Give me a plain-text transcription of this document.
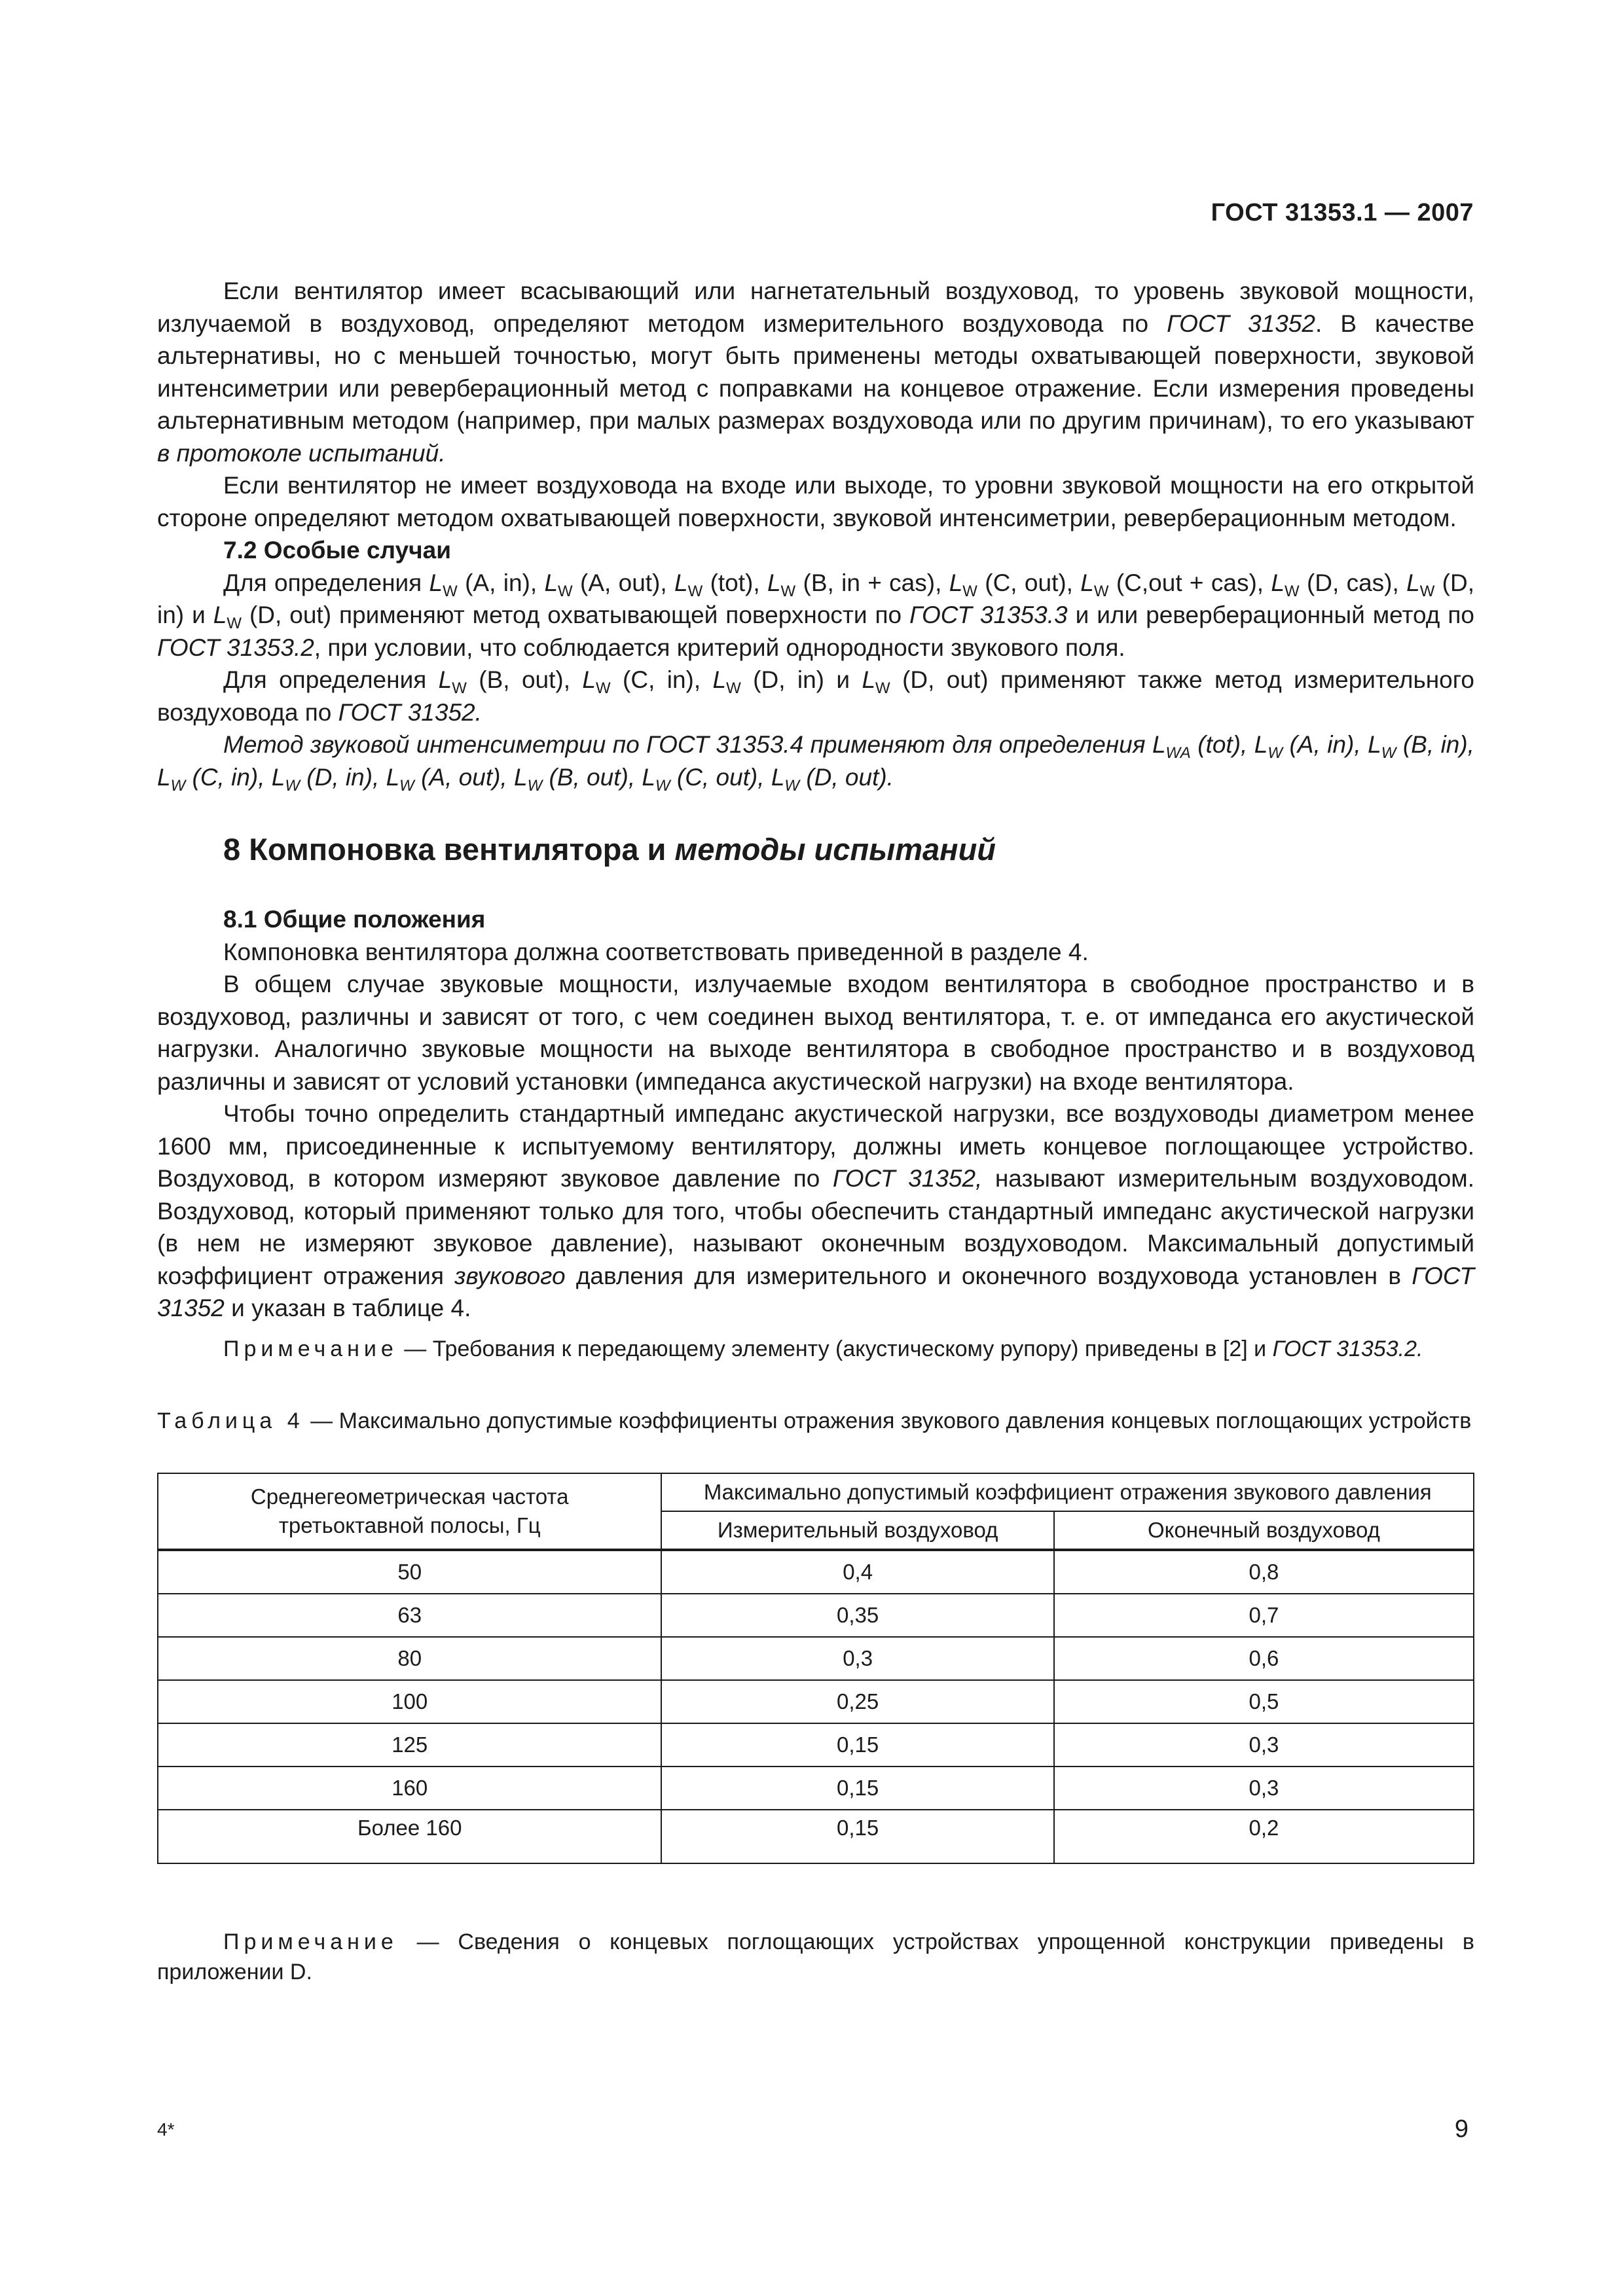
ГОСТ 31353.1 — 2007

Если вентилятор имеет всасывающий или нагнетательный воздуховод, то уровень звуковой мощности, излучаемой в воздуховод, определяют методом измерительного воздуховода по ГОСТ 31352. В качестве альтернативы, но с меньшей точностью, могут быть применены методы охватывающей поверхности, звуковой интенсиметрии или реверберационный метод с поправками на концевое отражение. Если измерения проведены альтернативным методом (например, при малых размерах воздуховода или по другим причинам), то его указывают в протоколе испытаний.

Если вентилятор не имеет воздуховода на входе или выходе, то уровни звуковой мощности на его открытой стороне определяют методом охватывающей поверхности, звуковой интенсиметрии, реверберационным методом.

7.2 Особые случаи

Для определения $L_W$ (A, in), $L_W$ (A, out), $L_W$ (tot), $L_W$ (B, in + cas), $L_W$ (C, out), $L_W$ (C,out + cas), $L_W$ (D, cas), $L_W$ (D, in) и $L_W$ (D, out) применяют метод охватывающей поверхности по ГОСТ 31353.3 и или реверберационный метод по ГОСТ 31353.2, при условии, что соблюдается критерий однородности звукового поля.

Для определения $L_W$ (B, out), $L_W$ (C, in), $L_W$ (D, in) и $L_W$ (D, out) применяют также метод измерительного воздуховода по ГОСТ 31352.

Метод звуковой интенсиметрии по ГОСТ 31353.4 применяют для определения $L_{WA}$ (tot), $L_W$ (A, in), $L_W$ (B, in), $L_W$ (C, in), $L_W$ (D, in), $L_W$ (A, out), $L_W$ (B, out), $L_W$ (C, out), $L_W$ (D, out).

8 Компоновка вентилятора и методы испытаний
8.1 Общие положения

Компоновка вентилятора должна соответствовать приведенной в разделе 4.

В общем случае звуковые мощности, излучаемые входом вентилятора в свободное пространство и в воздуховод, различны и зависят от того, с чем соединен выход вентилятора, т. е. от импеданса его акустической нагрузки. Аналогично звуковые мощности на выходе вентилятора в свободное пространство и в воздуховод различны и зависят от условий установки (импеданса акустической нагрузки) на входе вентилятора.

Чтобы точно определить стандартный импеданс акустической нагрузки, все воздуховоды диаметром менее 1600 мм, присоединенные к испытуемому вентилятору, должны иметь концевое поглощающее устройство. Воздуховод, в котором измеряют звуковое давление по ГОСТ 31352, называют измерительным воздуховодом. Воздуховод, который применяют только для того, чтобы обеспечить стандартный импеданс акустической нагрузки (в нем не измеряют звуковое давление), называют оконечным воздуховодом. Максимальный допустимый коэффициент отражения звукового давления для измерительного и оконечного воздуховода установлен в ГОСТ 31352 и указан в таблице 4.

Примечание — Требования к передающему элементу (акустическому рупору) приведены в [2] и ГОСТ 31353.2.

Таблица 4 — Максимально допустимые коэффициенты отражения звукового давления концевых поглощающих устройств

Среднегеометрическая частота третьоктавной полосы, Гц	Максимально допустимый коэффициент отражения звукового давления	
	Измерительный воздуховод	Оконечный воздуховод
50	0,4	0,8
63	0,35	0,7
80	0,3	0,6
100	0,25	0,5
125	0,15	0,3
160	0,15	0,3
Более 160	0,15	0,2

Примечание — Сведения о концевых поглощающих устройствах упрощенной конструкции приведены в приложении D.

4*	9
